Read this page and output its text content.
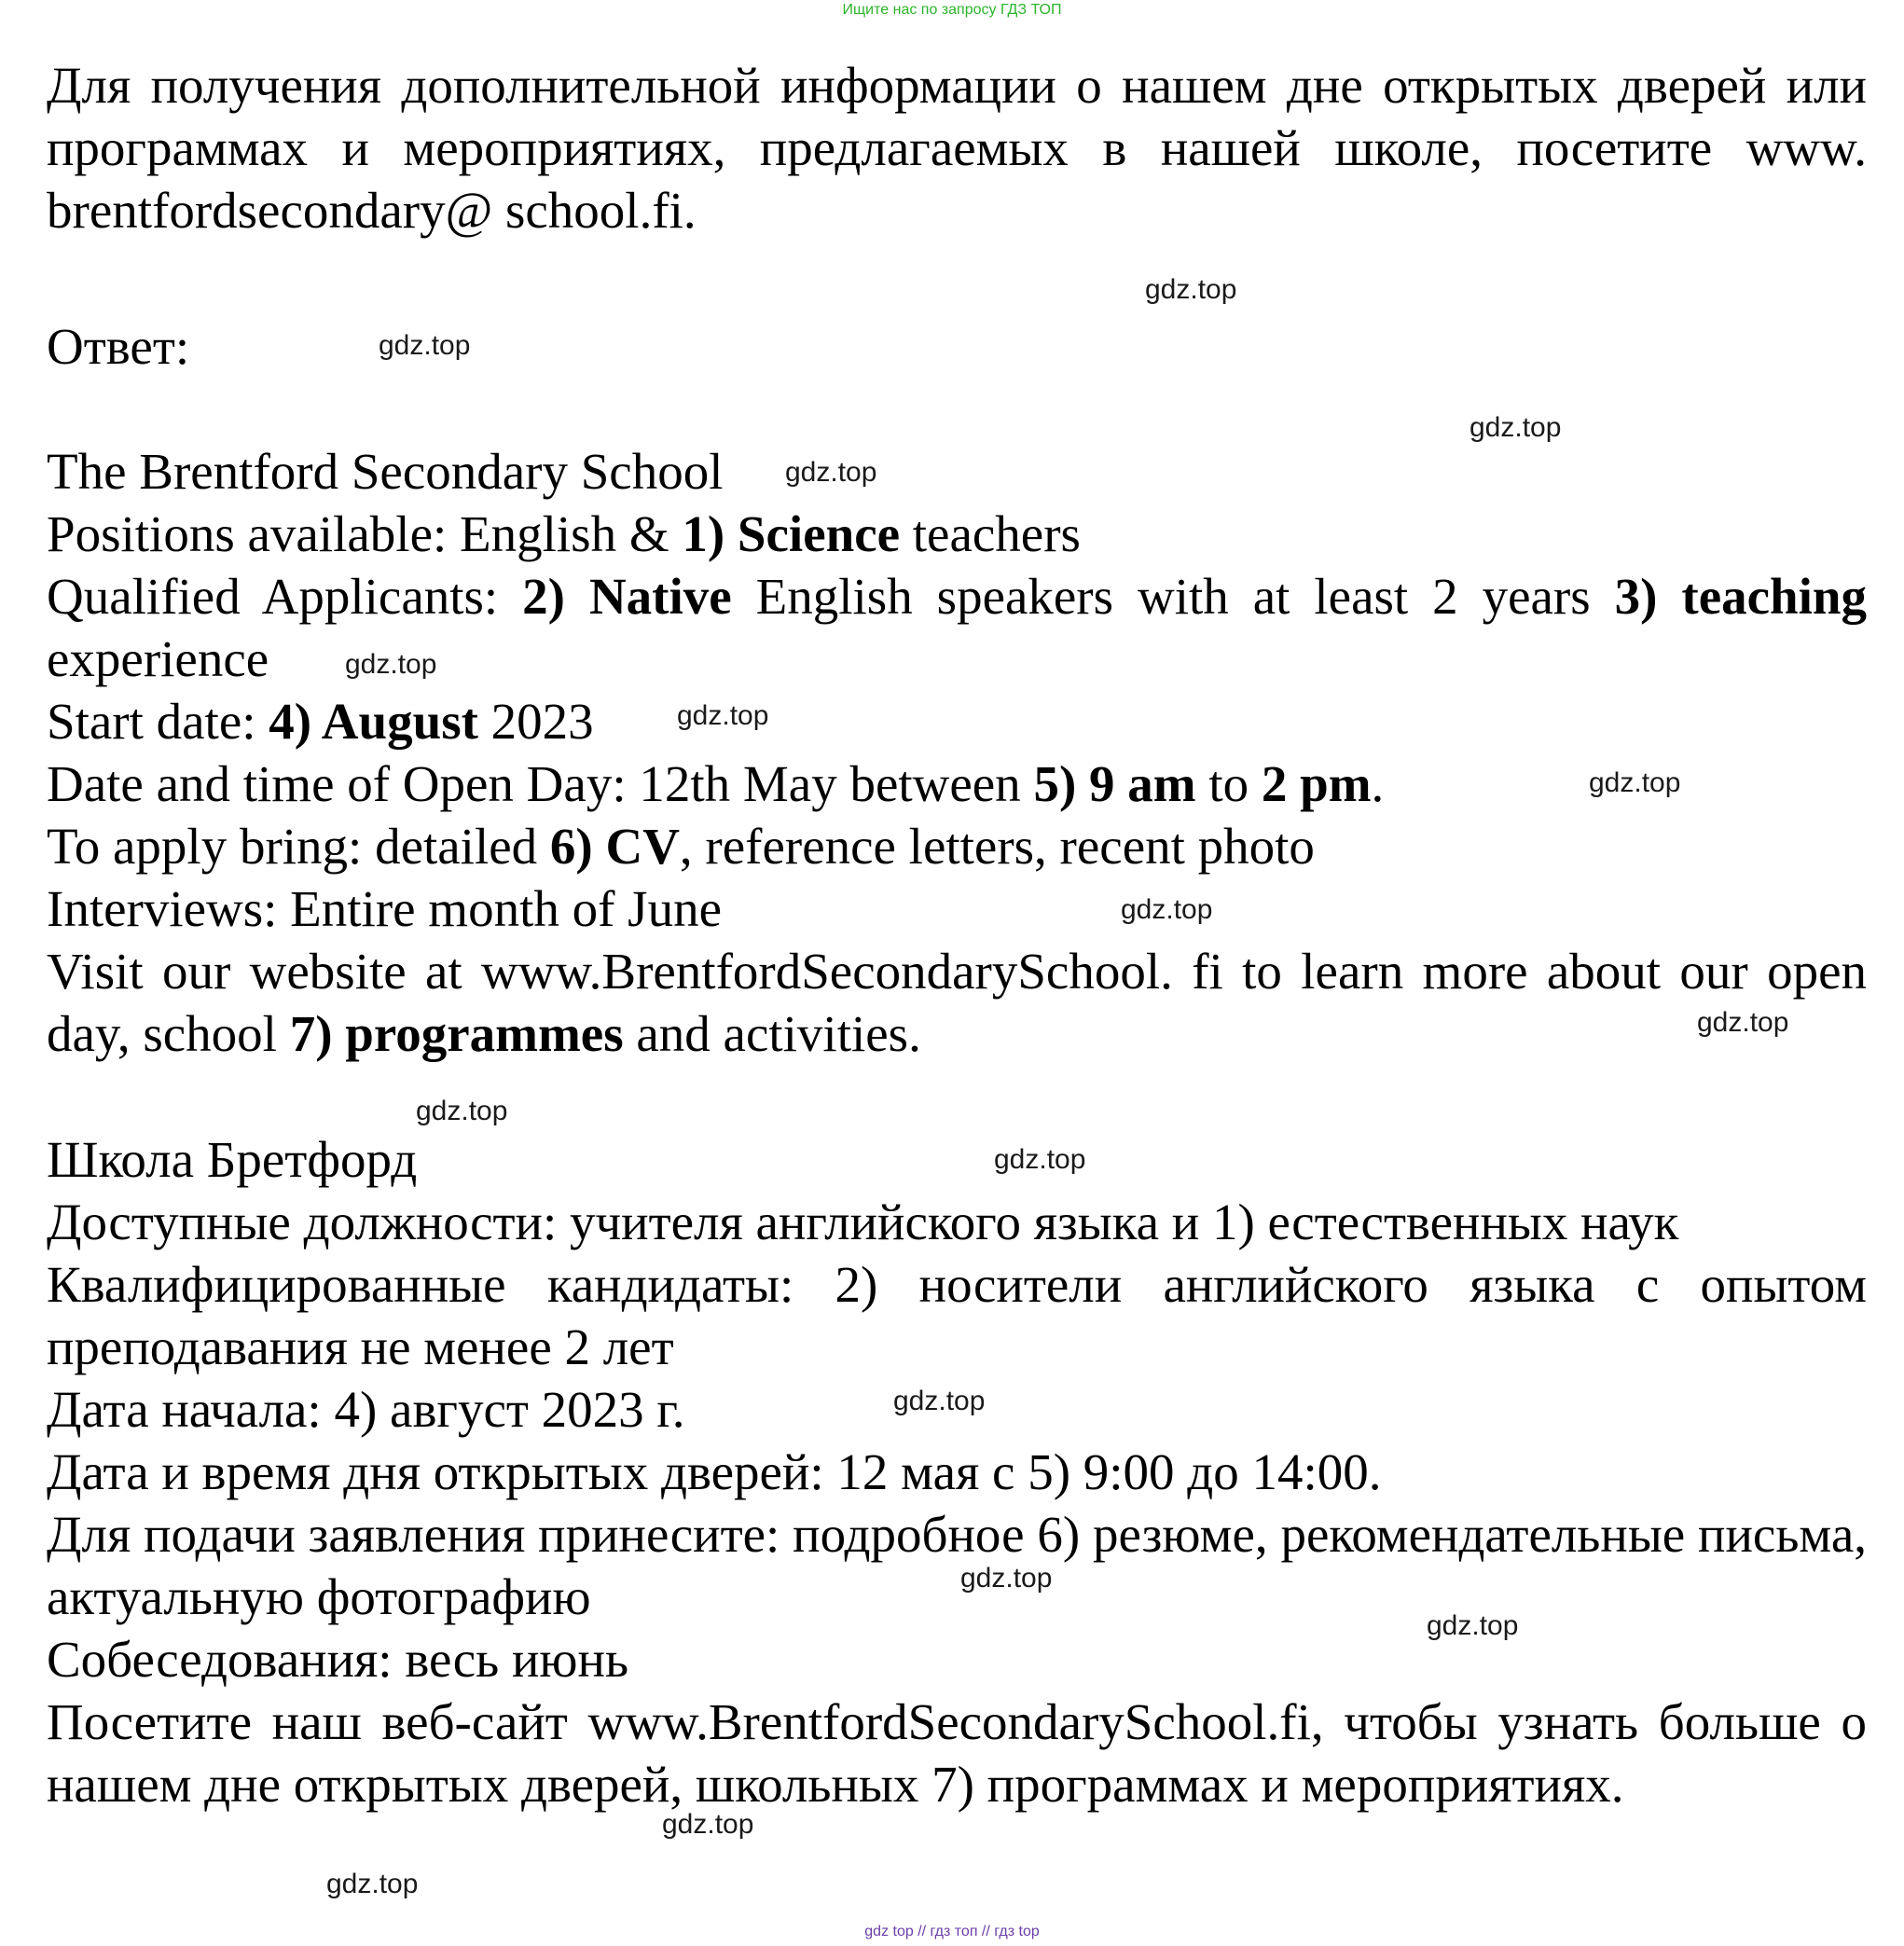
Ищите нас по запросу ГДЗ ТОП

Для получения дополнительной информации о нашем дне открытых дверей или программах и мероприятиях, предлагаемых в нашей школе, посетите www. brentfordsecondary@ school.fi.

Ответ:

The Brentford Secondary School

Positions available: English & 1) Science teachers

Qualified Applicants: 2) Native English speakers with at least 2 years 3) teaching experience

Start date: 4) August 2023

Date and time of Open Day: 12th May between 5) 9 am to 2 pm.

To apply bring: detailed 6) CV, reference letters, recent photo

Interviews: Entire month of June

Visit our website at www.BrentfordSecondarySchool. fi to learn more about our open day, school 7) programmes and activities.

Школа Бретфорд

Доступные должности: учителя английского языка и 1) естественных наук

Квалифицированные кандидаты: 2) носители английского языка с опытом преподавания не менее 2 лет

Дата начала: 4) август 2023 г.

Дата и время дня открытых дверей: 12 мая с 5) 9:00 до 14:00.

Для подачи заявления принесите: подробное 6) резюме, рекомендательные письма, актуальную фотографию

Собеседования: весь июнь

Посетите наш веб-сайт www.BrentfordSecondarySchool.fi, чтобы узнать больше о нашем дне открытых дверей, школьных 7) программах и мероприятиях.

gdz.top
gdz.top
gdz.top
gdz.top
gdz.top
gdz.top
gdz.top
gdz.top
gdz.top
gdz.top
gdz.top
gdz.top
gdz.top
gdz.top
gdz.top
gdz.top
gdz top // гдз топ // гдз top
